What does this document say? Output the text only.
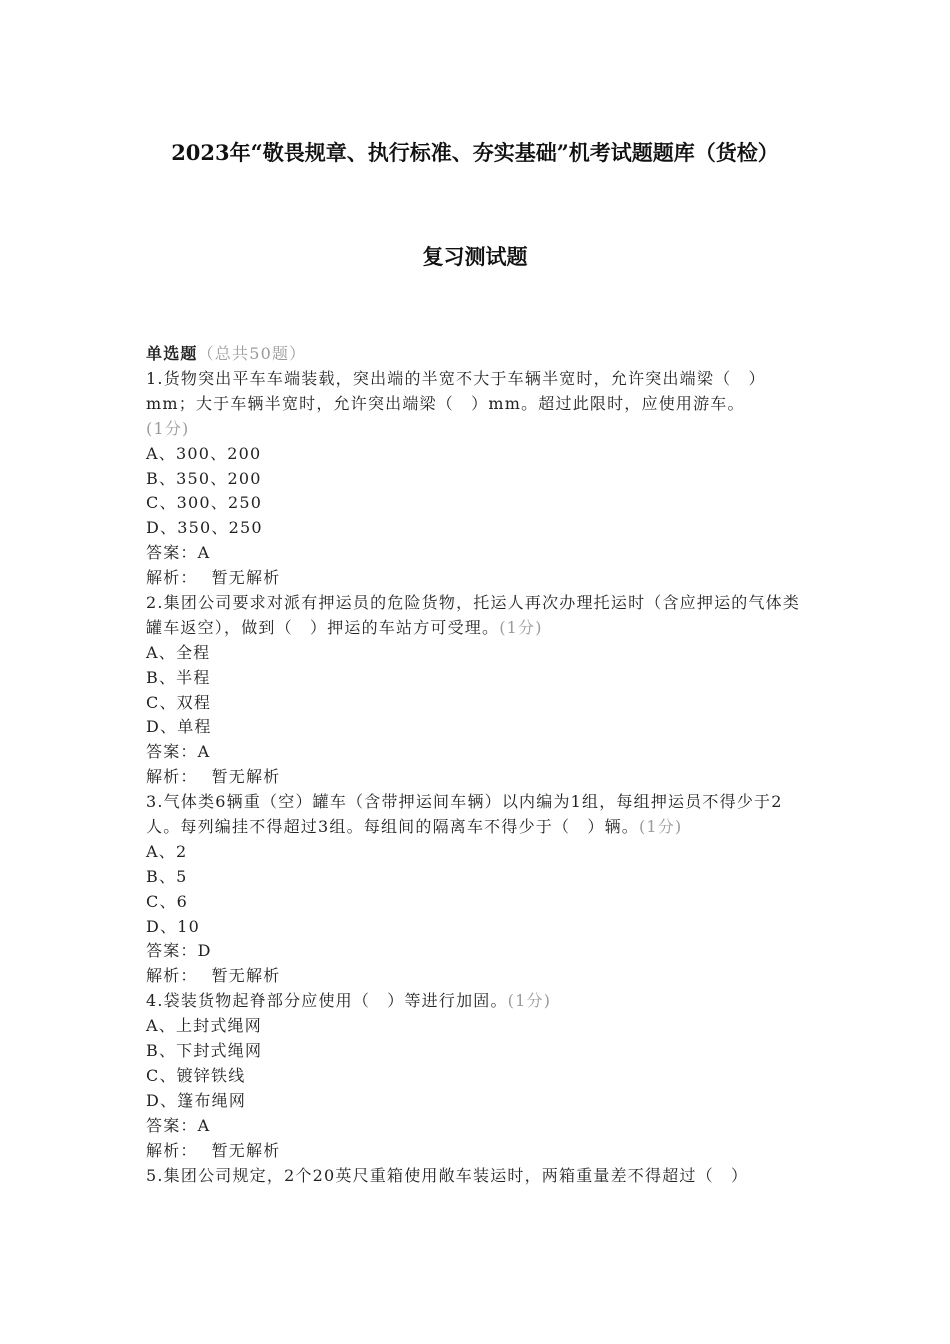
2023年“敬畏规章、执行标准、夯实基础”机考试题题库（货检）
复习测试题
单选题（总共50题）
1.货物突出平车车端装载，突出端的半宽不大于车辆半宽时，允许突出端梁（　）mm；大于车辆半宽时，允许突出端梁（　）mm。超过此限时，应使用游车。
(1分)
A、300、200
B、350、200
C、300、250
D、350、250
答案：A
解析： 暂无解析
2.集团公司要求对派有押运员的危险货物，托运人再次办理托运时（含应押运的气体类罐车返空），做到（　）押运的车站方可受理。(1分)
A、全程
B、半程
C、双程
D、单程
答案：A
解析： 暂无解析
3.气体类6辆重（空）罐车（含带押运间车辆）以内编为1组，每组押运员不得少于2人。每列编挂不得超过3组。每组间的隔离车不得少于（　）辆。(1分)
A、2
B、5
C、6
D、10
答案：D
解析： 暂无解析
4.袋装货物起脊部分应使用（　）等进行加固。(1分)
A、上封式绳网
B、下封式绳网
C、镀锌铁线
D、篷布绳网
答案：A
解析： 暂无解析
5.集团公司规定，2个20英尺重箱使用敞车装运时，两箱重量差不得超过（　）
